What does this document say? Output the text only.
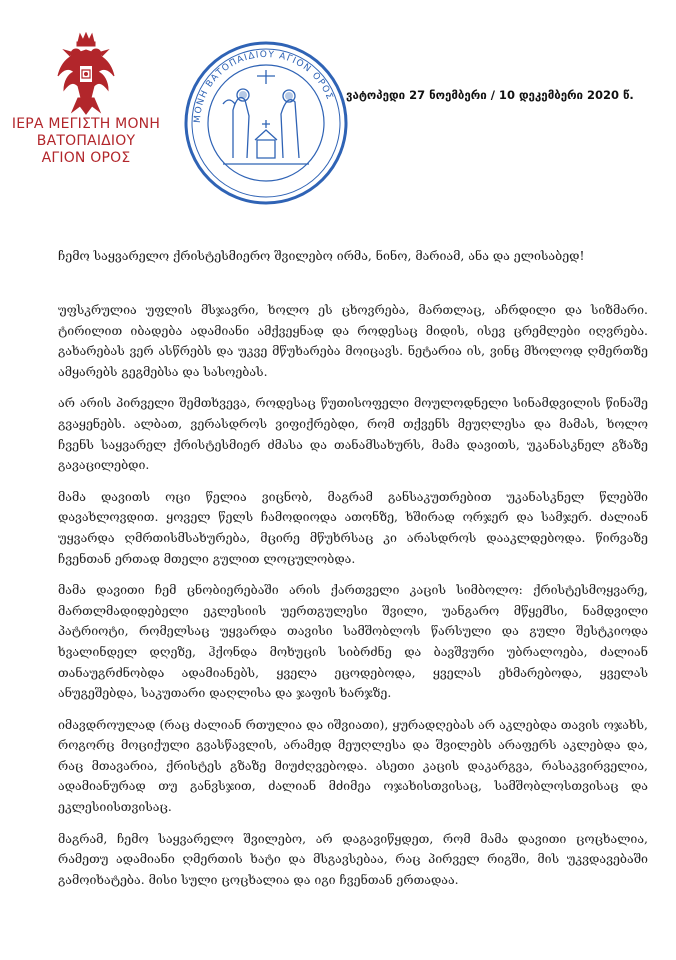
ΙΕΡΑ ΜΕΓΙΣΤΗ ΜΟΝΗ
ΒΑΤΟΠΑΙΔΙΟΥ
ΑΓΙΟΝ ΟΡΟΣ
ΜΟΝΗ ΒΑΤΟΠΑΙΔΙΟΥ ΑΓΙΟΝ ΟΡΟΣ ვატოპედი 27 ნოემბერი / 10 დეკემბერი 2020 წ.
ჩემო საყვარელო ქრისტესმიერო შვილებო ირმა, ნინო, მარიამ, ანა და ელისაბედ!

უფსკრულია უფლის მსჯავრი, ხოლო ეს ცხოვრება, მართლაც, აჩრდილი და სიზმარი. ტირილით იბადება ადამიანი ამქვეყნად და როდესაც მიდის, ისევ ცრემლები იღვრება. გახარებას ვერ ასწრებს და უკვე მწუხარება მოიცავს. ნეტარია ის, ვინც მხოლოდ ღმერთზე ამყარებს გეგმებსა და სასოებას.

არ არის პირველი შემთხვევა, როდესაც წუთისოფელი მოულოდნელი სინამდვილის წინაშე გვაყენებს. ალბათ, ვერასდროს ვიფიქრებდი, რომ თქვენს მეუღლესა და მამას, ხოლო ჩვენს საყვარელ ქრისტესმიერ ძმასა და თანამსახურს, მამა დავითს, უკანასკნელ გზაზე გავაცილებდი.

მამა დავითს ოცი წელია ვიცნობ, მაგრამ განსაკუთრებით უკანასკნელ წლებში დავახლოვდით. ყოველ წელს ჩამოდიოდა ათონზე, ხშირად ორჯერ და სამჯერ. ძალიან უყვარდა ღმრთისმსახურება, მცირე მწუხრსაც კი არასდროს დააკლდებოდა. წირვაზე ჩვენთან ერთად მთელი გულით ლოცულობდა.

მამა დავითი ჩემ ცნობიერებაში არის ქართველი კაცის სიმბოლო: ქრისტესმოყვარე, მართლმადიდებელი ეკლესიის უერთგულესი შვილი, უანგარო მწყემსი, ნამდვილი პატრიოტი, რომელსაც უყვარდა თავისი სამშობლოს წარსული და გული შესტკიოდა ხვალინდელ დღეზე, ჰქონდა მოხუცის სიბრძნე და ბავშვური უბრალოება, ძალიან თანაუგრძნობდა ადამიანებს, ყველა ეცოდებოდა, ყველას ეხმარებოდა, ყველას ანუგეშებდა, საკუთარი დაღლისა და ჯაფის ხარჯზე.

იმავდროულად (რაც ძალიან რთულია და იშვიათი), ყურადღებას არ აკლებდა თავის ოჯახს, როგორც მოციქული გვასწავლის, არამედ მეუღლესა და შვილებს არაფერს აკლებდა და, რაც მთავარია, ქრისტეს გზაზე მიუძღვებოდა. ასეთი კაცის დაკარგვა, რასაკვირველია, ადამიანურად თუ განვსჯით, ძალიან მძიმეა ოჯახისთვისაც, სამშობლოსთვისაც და ეკლესიისთვისაც.

მაგრამ, ჩემო საყვარელო შვილებო, არ დაგავიწყდეთ, რომ მამა დავითი ცოცხალია, რამეთუ ადამიანი ღმერთის ხატი და მსგავსებაა, რაც პირველ რიგში, მის უკვდავებაში გამოიხატება. მისი სული ცოცხალია და იგი ჩვენთან ერთადაა.
